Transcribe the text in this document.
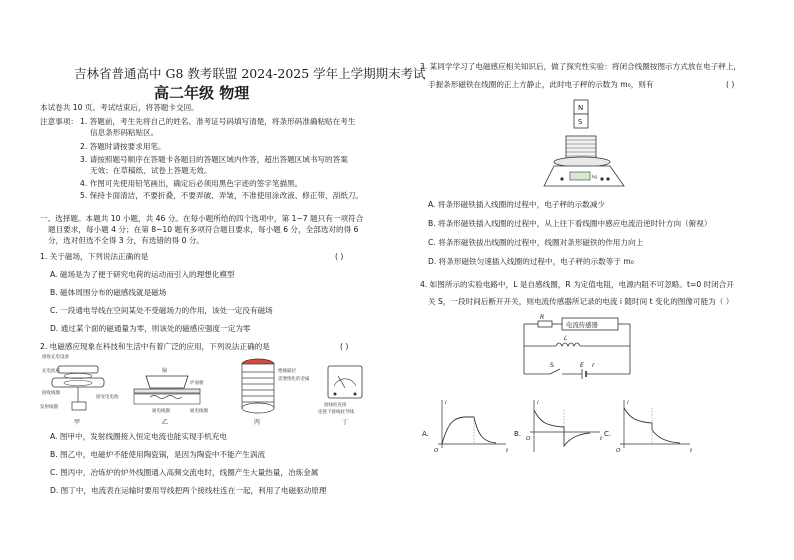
吉林省普通高中 G8 教考联盟 2024-2025 学年上学期期末考试
高二年级 物理
本试卷共 10 页。考试结束后，将答题卡交回。
注意事项： 1. 答题前，考生先将自己的姓名、准考证号码填写清楚，将条形码准确粘贴在考生
信息条形码粘贴区。
2. 答题时请按要求用笔。
3. 请按照题号顺序在答题卡各题目的答题区域内作答，超出答题区域书写的答案
无效；在草稿纸、试卷上答题无效。
4. 作图可先使用铅笔画出，确定后必须用黑色字迹的签字笔描黑。
5. 保持卡面清洁，不要折叠，不要弄破、弄皱，不准使用涂改液、修正带、刮纸刀。
一、选择题。本题共 10 小题，共 46 分。在每小题所给的四个选项中，第 1~7 题只有一项符合
题目要求，每小题 4 分；在第 8~10 题有多项符合题目要求，每小题 6 分，全部选对的得 6
分，选对但选不全得 3 分，有选错的得 0 分。
1. 关于磁场，下列说法正确的是	( )
A. 磁场是为了便于研究电荷的运动而引入的理想化模型
B. 磁体周围分布的磁感线就是磁场
C. 一段通电导线在空间某处不受磁场力的作用，该处一定没有磁场
D. 通过某个面的磁通量为零，则该处的磁感应强度一定为零
2. 电磁感应现象在科技和生活中有着广泛的应用，下列说法正确的是	( )
接收充电设备
充电底座
接收线圈
发射线圈
接受电电池
甲
锅
炉面板
通电线圈	通电线圈
乙
绝缘隔层
需要熔化的金属
丙
接线柱连接
连接下接线柱导线
丁
A. 图甲中，发射线圈接入恒定电流也能实现手机充电
B. 图乙中，电磁炉不能使用陶瓷锅，是因为陶瓷中不能产生涡流
C. 图丙中，冶炼炉的炉外线圈通入高频交流电时，线圈产生大量热量，冶炼金属
D. 图丁中，电流表在运输时要用导线把两个接线柱连在一起，利用了电磁驱动原理
3. 某同学学习了电磁感应相关知识后，做了探究性实验：将闭合线圈按图示方式放在电子秤上，
手握条形磁铁在线圈的正上方静止，此时电子秤的示数为 m₀，则有	( )
N
S
kg
A. 将条形磁铁插入线圈的过程中，电子秤的示数减少
B. 将条形磁铁插入线圈的过程中，从上往下看线圈中感应电流沿逆时针方向（俯视）
C. 将条形磁铁拔出线圈的过程中，线圈对条形磁铁的作用力向上
D. 将条形磁铁匀速插入线圈的过程中，电子秤的示数等于 m₀
4. 如图所示的实验电路中，L 是自感线圈，R 为定值电阻，电源内阻不可忽略。t=0 时闭合开
关 S，一段时间后断开开关，则电流传感器所记录的电流 i 随时间 t 变化的图像可能为（ ）
R
电流传感器
L
S	E r
A.
i
t
O
B.
i
t
O
C.
i
t
O
